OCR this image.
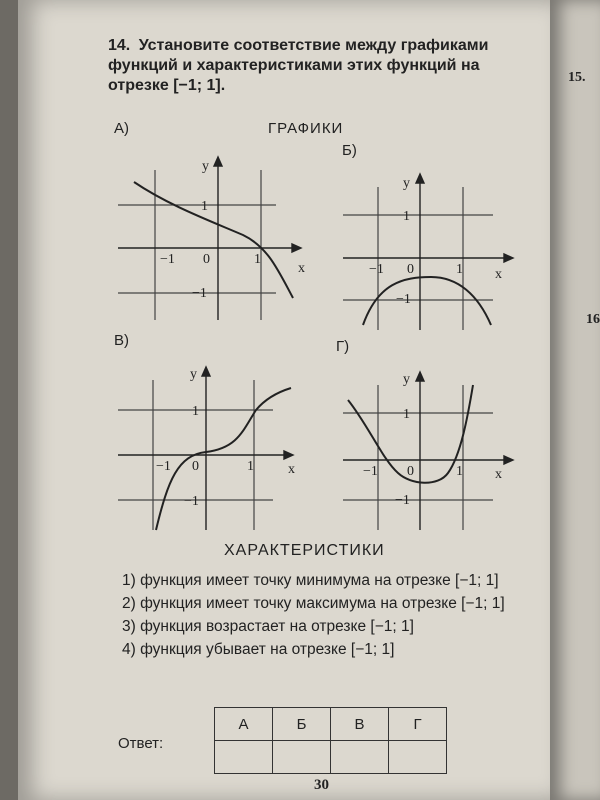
14. Установите соответствие между графиками функций и характеристиками этих функций на отрезке [−1; 1].
ГРАФИКИ
А)
x
y
−1 0	1
1
−1
Б)
x
y
−1 0	1
1
−1
В)
x
y
−1 0	1
1
−1
Г)
x
y
−1 0	1
1
−1
ХАРАКТЕРИСТИКИ
1) функция имеет точку минимума на отрезке [−1; 1]
2) функция имеет точку максимума на отрезке [−1; 1]
3) функция возрастает на отрезке [−1; 1]
4) функция убывает на отрезке [−1; 1]
Ответ:
А	Б	В	Г

30
15.
16
